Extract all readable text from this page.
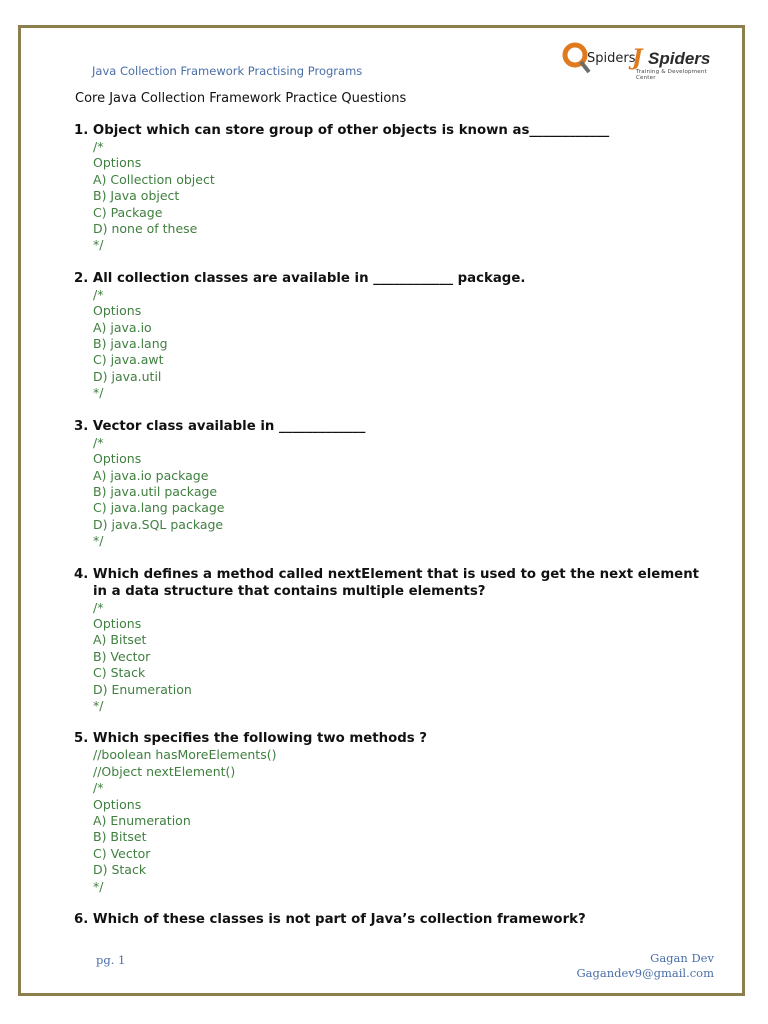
Java Collection Framework Practising Programs
Spiders
J Spiders
Training & Development Center
Core Java Collection Framework Practice Questions
1. Object which can store group of other objects is known as____________
/*
Options
A) Collection object
B) Java object
C) Package
D) none of these
*/
2. All collection classes are available in ____________ package.
/*
Options
A) java.io
B) java.lang
C) java.awt
D) java.util
*/
3. Vector class available in _____________
/*
Options
A) java.io package
B) java.util package
C) java.lang package
D) java.SQL package
*/
4. Which defines a method called nextElement that is used to get the next element in a data structure that contains multiple elements?
/*
Options
A) Bitset
B) Vector
C) Stack
D) Enumeration
*/
5. Which specifies the following two methods ?
//boolean hasMoreElements()
//Object nextElement()
/*
Options
A) Enumeration
B) Bitset
C) Vector
D) Stack
*/
6. Which of these classes is not part of Java’s collection framework?
pg. 1	Gagan Dev
Gagandev9@gmail.com
